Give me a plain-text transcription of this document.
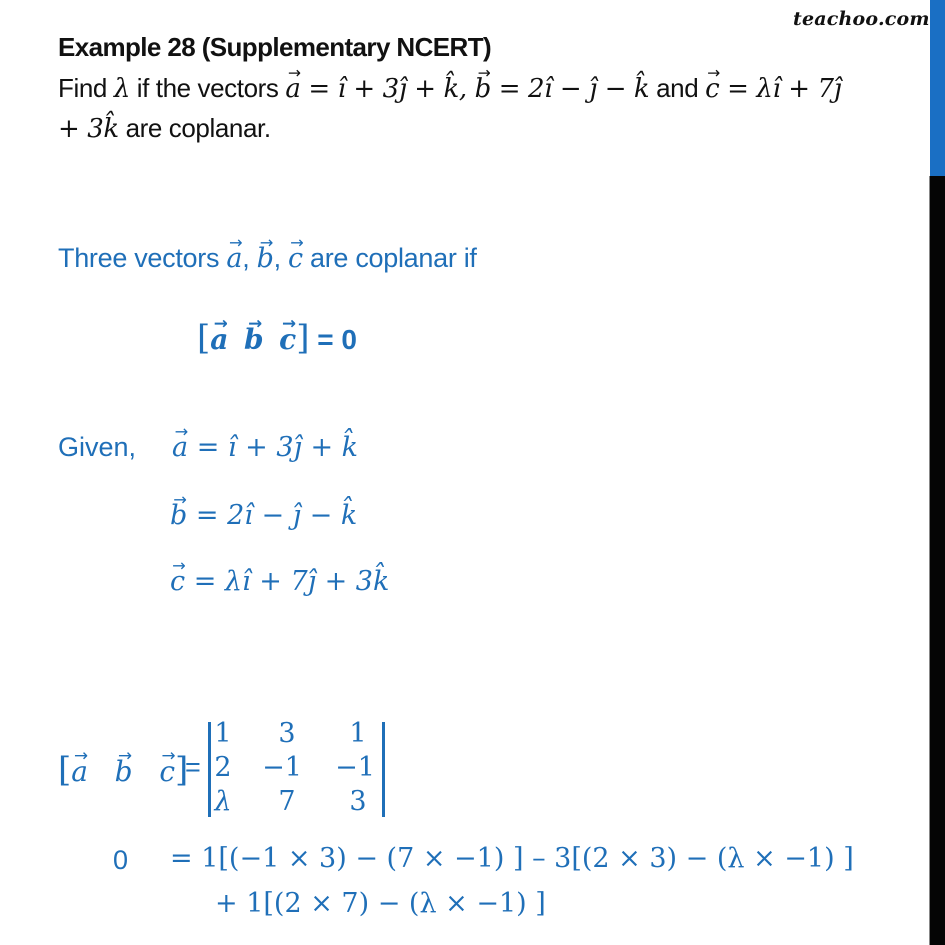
teachoo.com
Example 28 (Supplementary NCERT)
Find λ if the vectors → a = î + 3ĵ + k̂, → b = 2î − ĵ − k̂ and → c = λî + 7ĵ
+ 3k̂ are coplanar.
Three vectors → a, → b, → c are coplanar if
[→ a → b → c] = 0
Given, → a = î + 3ĵ + k̂
→ b = 2î − ĵ − k̂
→ c = λî + 7ĵ + 3k̂
[→ a → b → c]
=
1	3	1
2 −1 −1
λ	7	3
0 = 1[(−1 × 3) − (7 × −1) ] – 3[(2 × 3) − (λ × −1) ]
+ 1[(2 × 7) − (λ × −1) ]
